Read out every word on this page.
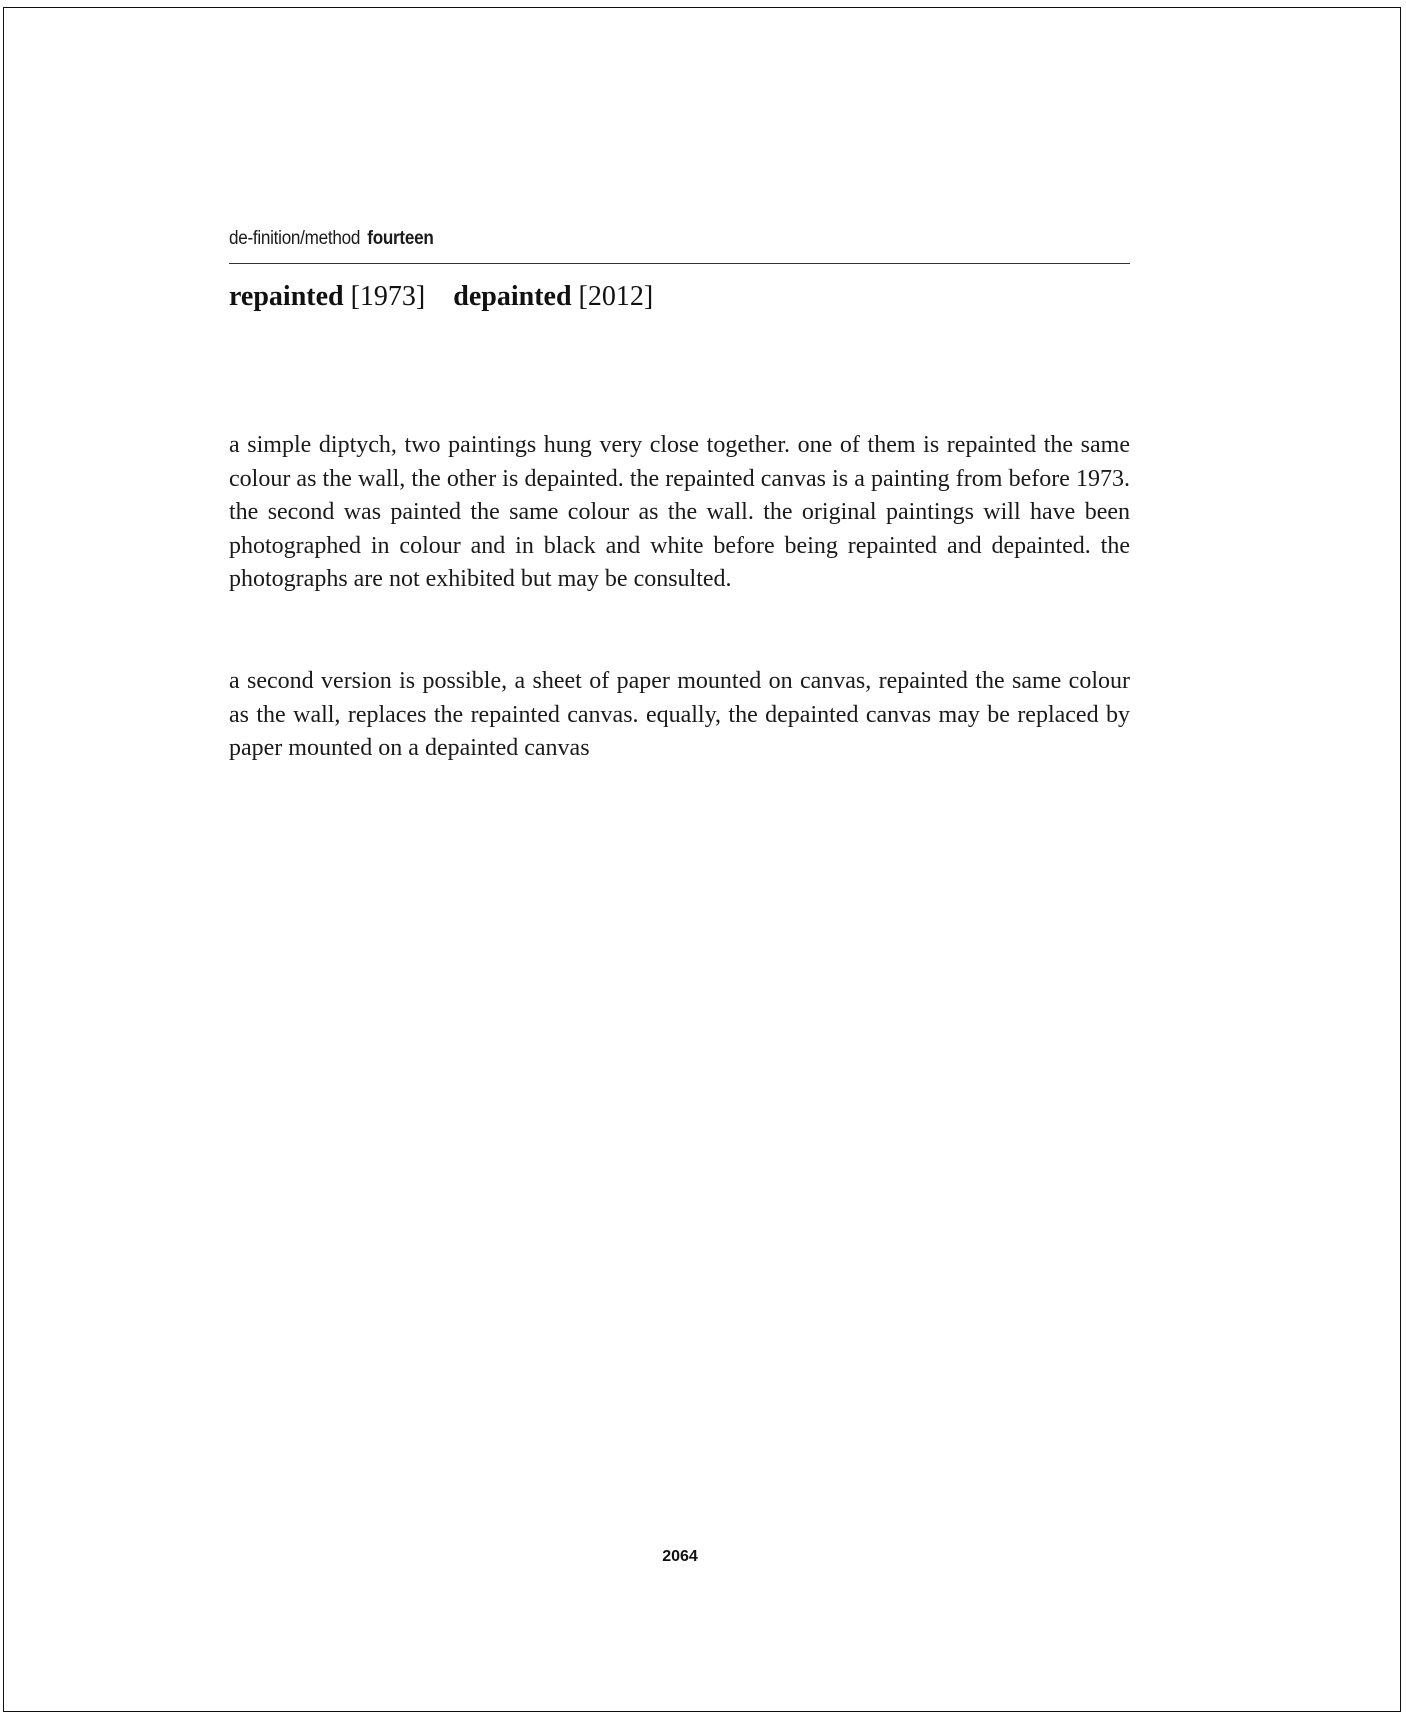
de-finition/method fourteen
repainted [1973] depainted [2012]

a simple diptych, two paintings hung very close together. one of them is repainted the same colour as the wall, the other is depainted. the repainted canvas is a painting from before 1973. the second was painted the same colour as the wall. the original paintings will have been photographed in colour and in black and white before being repainted and depainted. the photographs are not exhibited but may be consulted.

a second version is possible, a sheet of paper mounted on canvas, repainted the same colour as the wall, replaces the repainted canvas. equally, the depainted canvas may be replaced by paper mounted on a depainted canvas

2064
